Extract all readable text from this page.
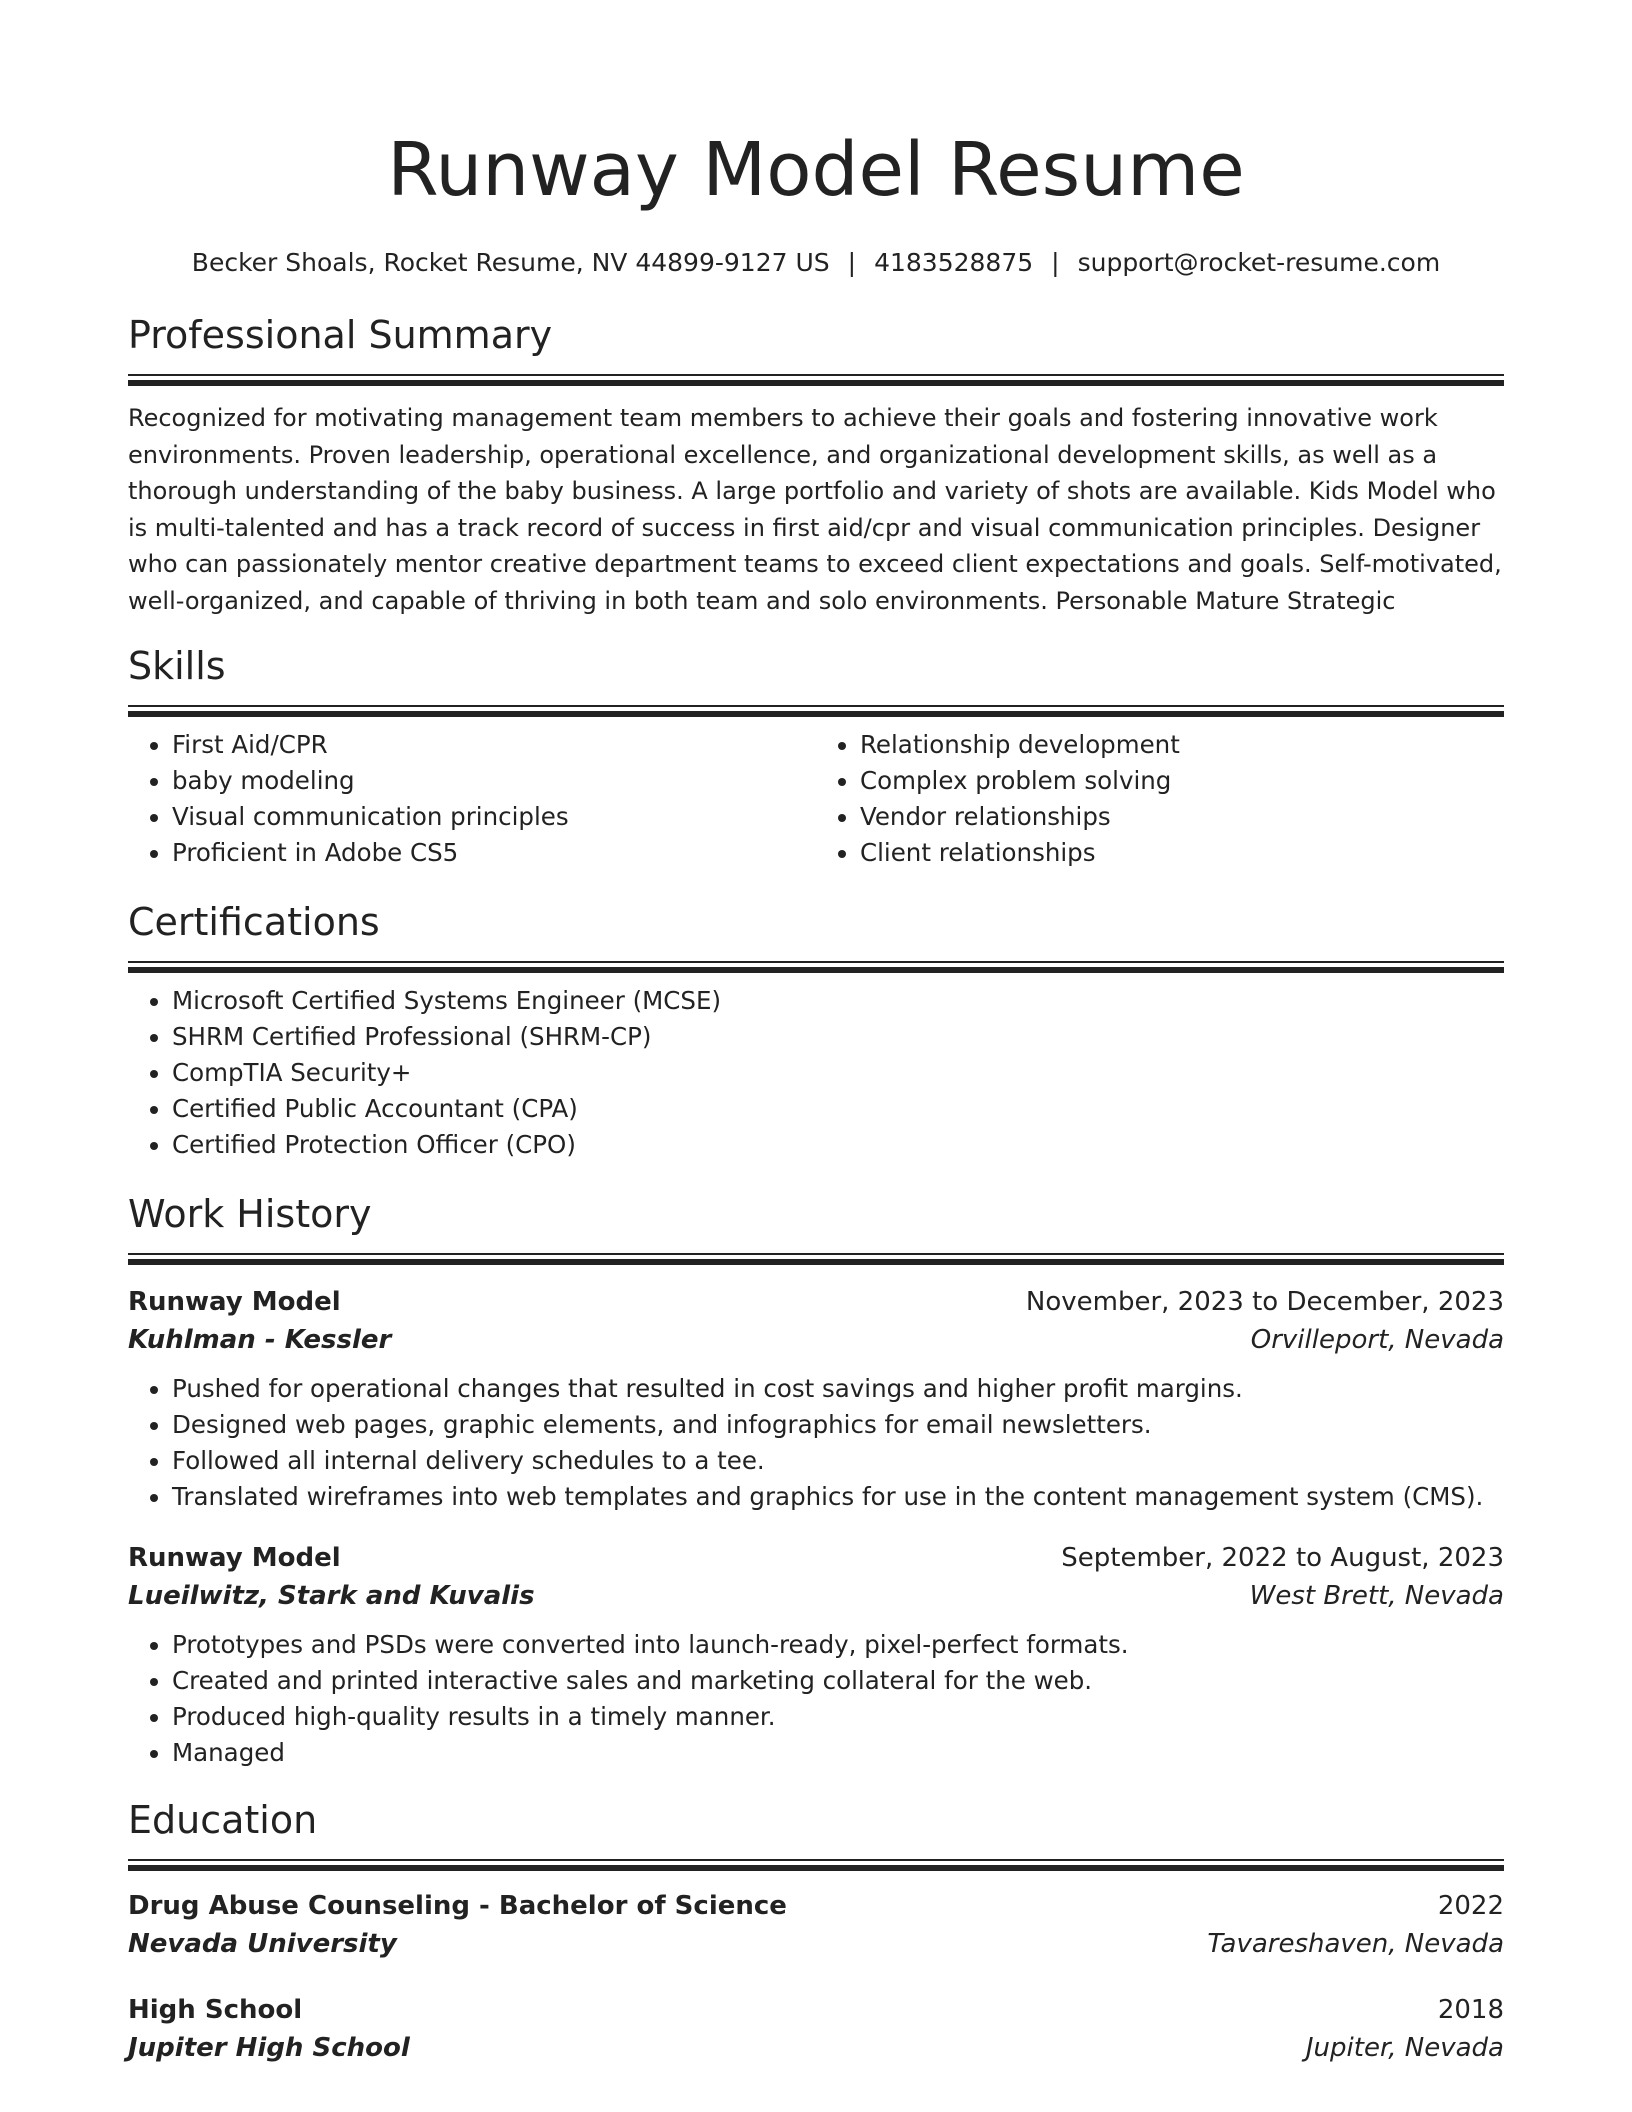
Runway Model Resume
Becker Shoals, Rocket Resume, NV 44899-9127 US | 4183528875 | support@rocket-resume.com
Professional Summary
Recognized for motivating management team members to achieve their goals and fostering innovative work environments. Proven leadership, operational excellence, and organizational development skills, as well as a thorough understanding of the baby business. A large portfolio and variety of shots are available. Kids Model who is multi-talented and has a track record of success in first aid/cpr and visual communication principles. Designer who can passionately mentor creative department teams to exceed client expectations and goals. Self-motivated, well-organized, and capable of thriving in both team and solo environments. Personable Mature Strategic
Skills
• First Aid/CPR
• baby modeling
• Visual communication principles
• Proficient in Adobe CS5
• Relationship development
• Complex problem solving
• Vendor relationships
• Client relationships
Certifications
• Microsoft Certified Systems Engineer (MCSE)
• SHRM Certified Professional (SHRM-CP)
• CompTIA Security+
• Certified Public Accountant (CPA)
• Certified Protection Officer (CPO)
Work History
Runway Model	November, 2023 to December, 2023
Kuhlman - Kessler	Orvilleport, Nevada
• Pushed for operational changes that resulted in cost savings and higher profit margins.
• Designed web pages, graphic elements, and infographics for email newsletters.
• Followed all internal delivery schedules to a tee.
• Translated wireframes into web templates and graphics for use in the content management system (CMS).
Runway Model	September, 2022 to August, 2023
Lueilwitz, Stark and Kuvalis	West Brett, Nevada
• Prototypes and PSDs were converted into launch-ready, pixel-perfect formats.
• Created and printed interactive sales and marketing collateral for the web.
• Produced high-quality results in a timely manner.
• Managed
Education
Drug Abuse Counseling - Bachelor of Science	2022
Nevada University	Tavareshaven, Nevada
High School	2018
Jupiter High School	Jupiter, Nevada
